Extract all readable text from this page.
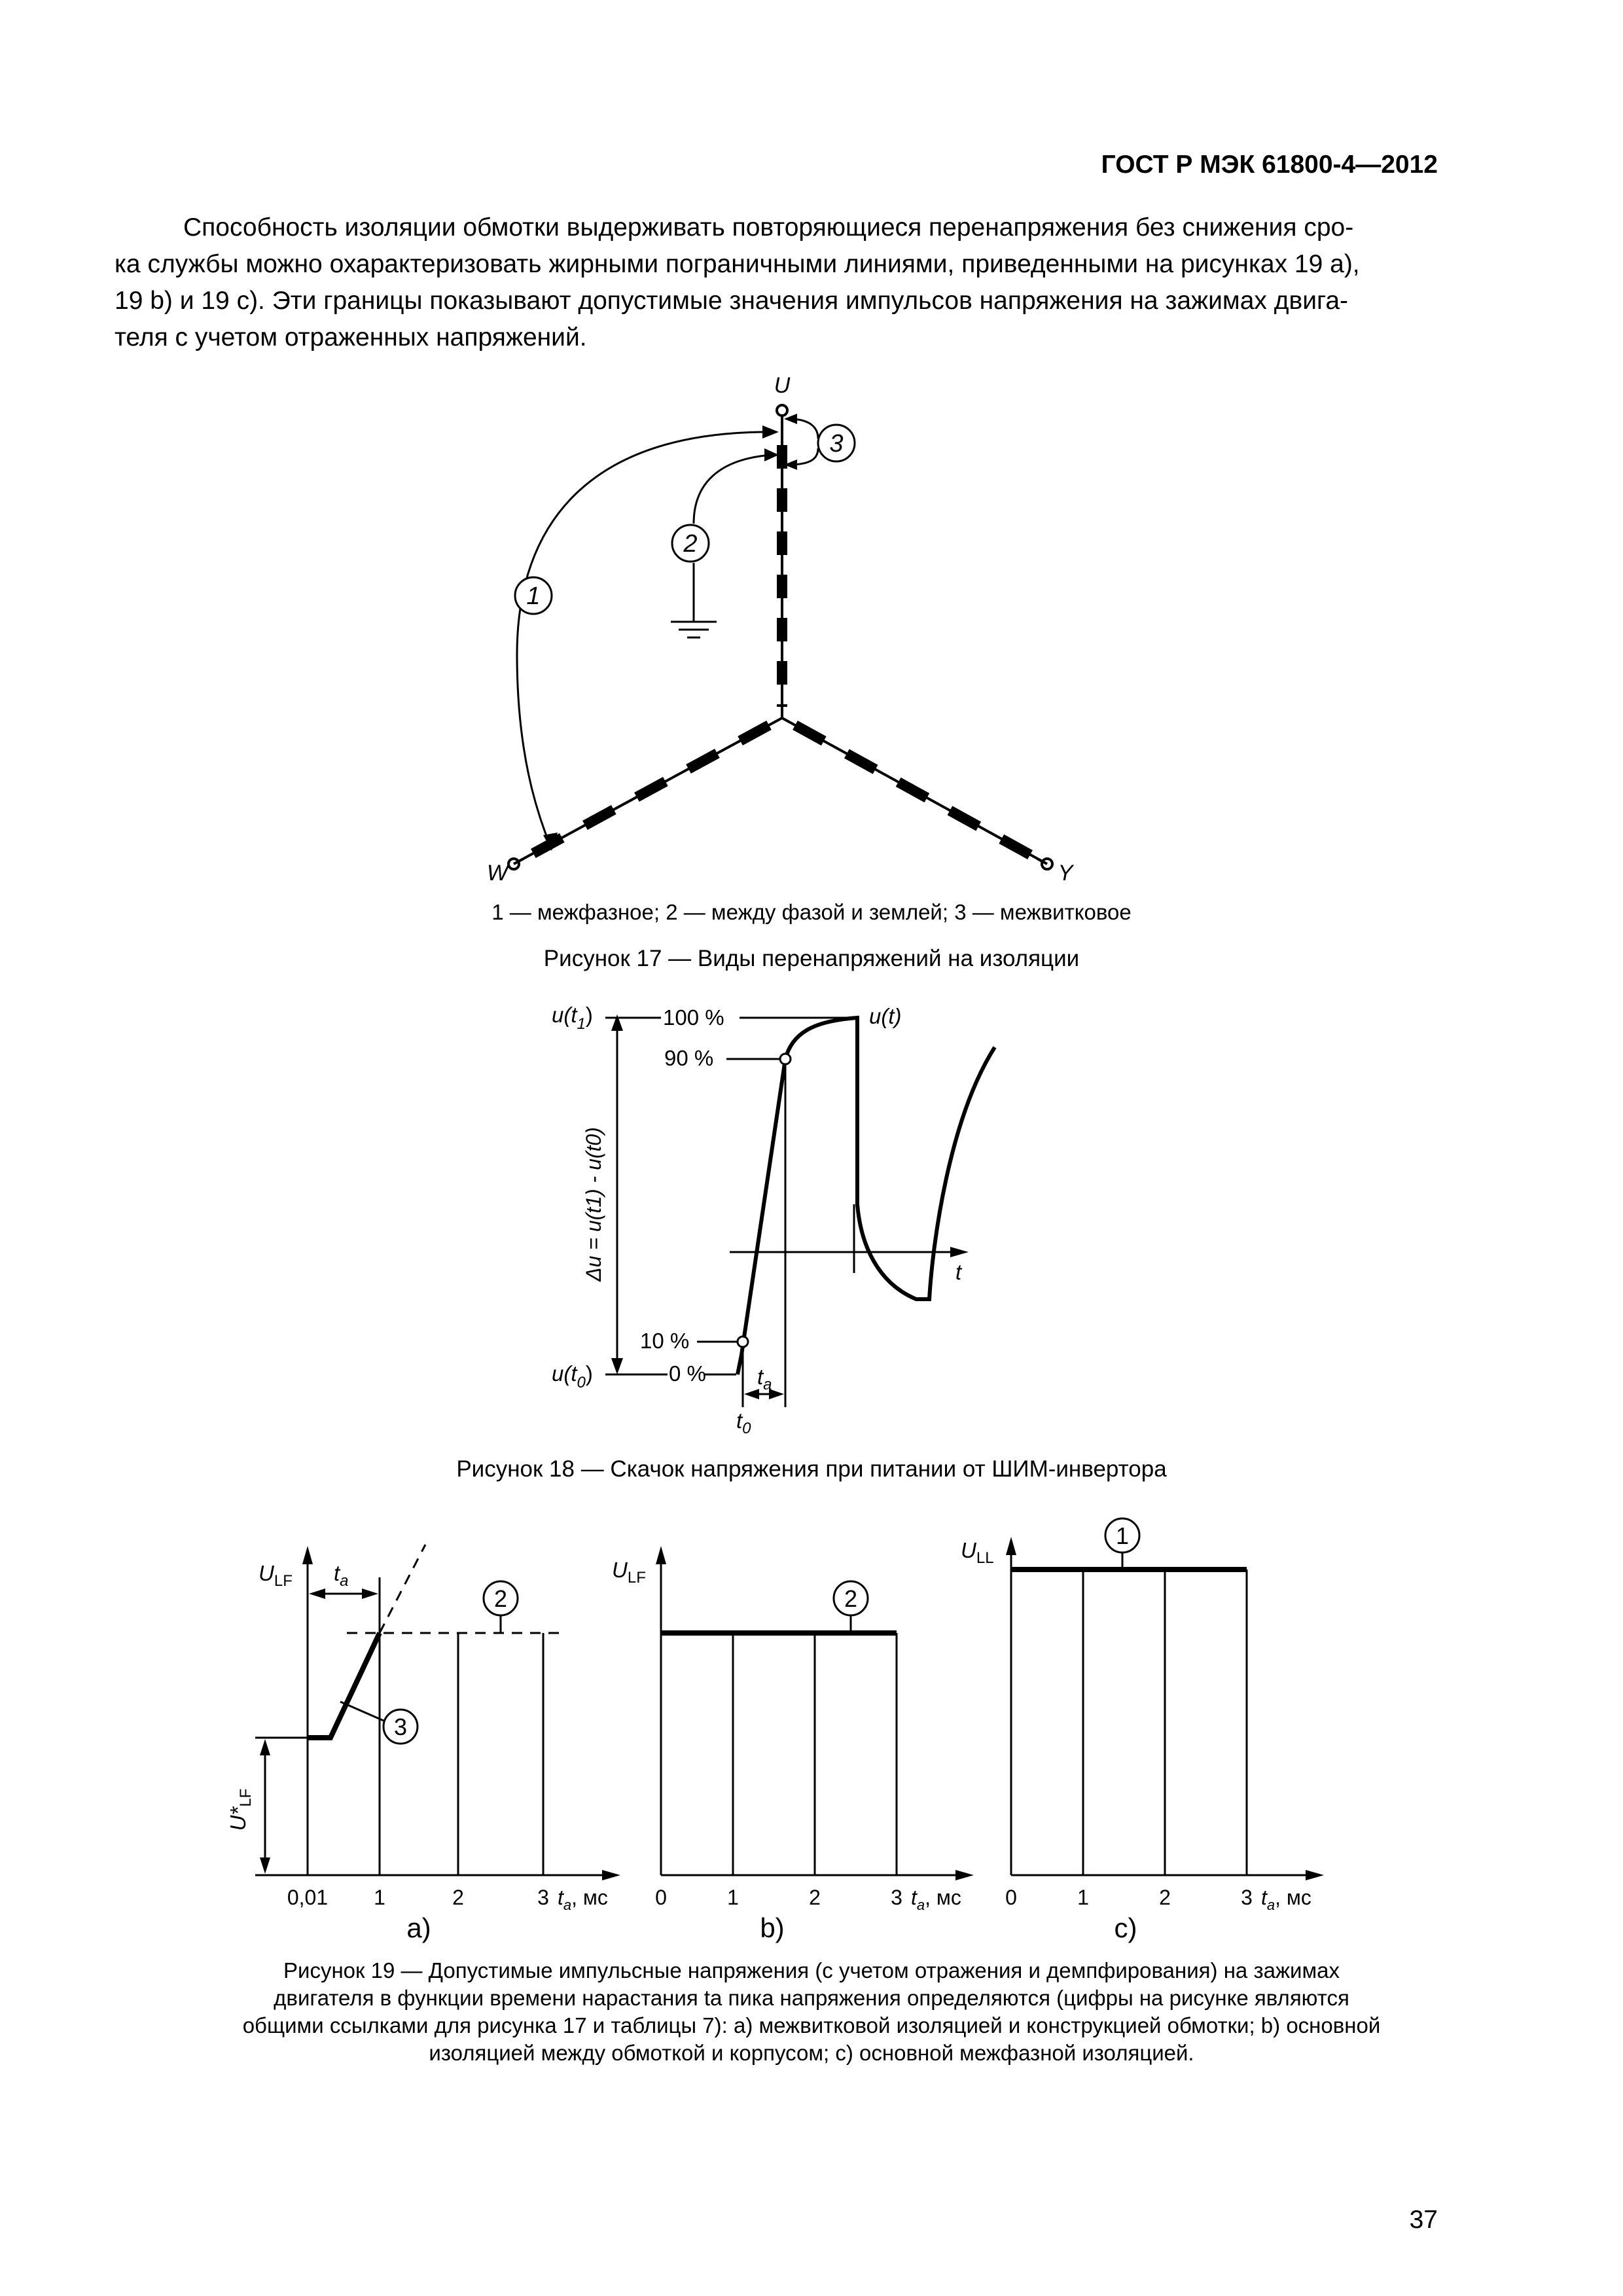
ГОСТ Р МЭК 61800-4—2012
Способность изоляции обмотки выдерживать повторяющиеся перенапряжения без снижения сро-
ка службы можно охарактеризовать жирными пограничными линиями, приведенными на рисунках 19 а),
19 b) и 19 с). Эти границы показывают допустимые значения импульсов напряжения на зажимах двига-
теля с учетом отраженных напряжений.
U
W	Y
1
2
3
1 — межфазное; 2 — между фазой и землей; 3 — межвитковое
Рисунок 17 — Виды перенапряжений на изоляции
$u(t_1)$
$u(t_0)$
100 %
90 %
10 %
0 %
u(t)
t
$t_a$
$t_0$
Δu = u(t1) - u(t0)
Рисунок 18 — Скачок напряжения при питании от ШИМ-инвертора
$U_{LF}$ $t_a$
$U*_{LF}$
2
3
0,01 1	2	3 $t_a$, мс
a)
$U_{LF}$
2
0	1	2	3 $t_a$, мс
b)
$U_{LL}$
1
0	1	2	3 $t_a$, мс
c)
Рисунок 19 — Допустимые импульсные напряжения (с учетом отражения и демпфирования) на зажимах
двигателя в функции времени нарастания ta пика напряжения определяются (цифры на рисунке являются
общими ссылками для рисунка 17 и таблицы 7): а) межвитковой изоляцией и конструкцией обмотки; b) основной
изоляцией между обмоткой и корпусом; c) основной межфазной изоляцией.
37
